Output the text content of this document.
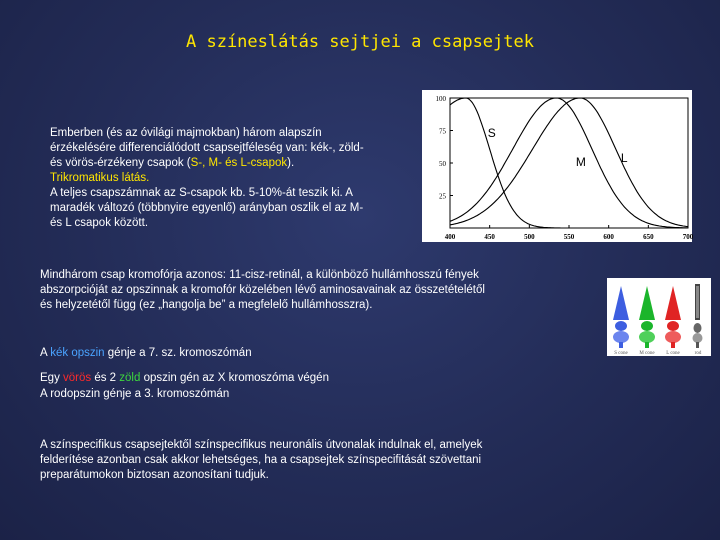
A színeslátás sejtjei a csapsejtek
Emberben (és az óvilági majmokban) három alapszín
érzékelésére differenciálódott csapsejtféleség van: kék-, zöld-
és vörös-érzékeny csapok (S-, M- és L-csapok).
Trikromatikus látás.
A teljes csapszámnak az S-csapok kb. 5-10%-át teszik ki. A
maradék változó (többnyire egyenlő) arányban oszlik el az M-
és L csapok között.
100
75
50
25
400	450	500	550	600	650	700
S
M	L
Mindhárom csap kromofórja azonos: 11-cisz-retinál, a különböző hullámhosszú fények
abszorpcióját az opszinnak a kromofór közelében lévő aminosavainak az összetételétől
és helyzetétől függ (ez „hangolja be” a megfelelő hullámhosszra).
S cone M cone L cone	rod
A kék opszin génje a 7. sz. kromoszómán
Egy vörös és 2 zöld opszin gén az X kromoszóma végén
A rodopszin génje a 3. kromoszómán
A színspecifikus csapsejtektől színspecifikus neuronális útvonalak indulnak el, amelyek
felderítése azonban csak akkor lehetséges, ha a csapsejtek színspecifitását szövettani
preparátumokon biztosan azonosítani tudjuk.
